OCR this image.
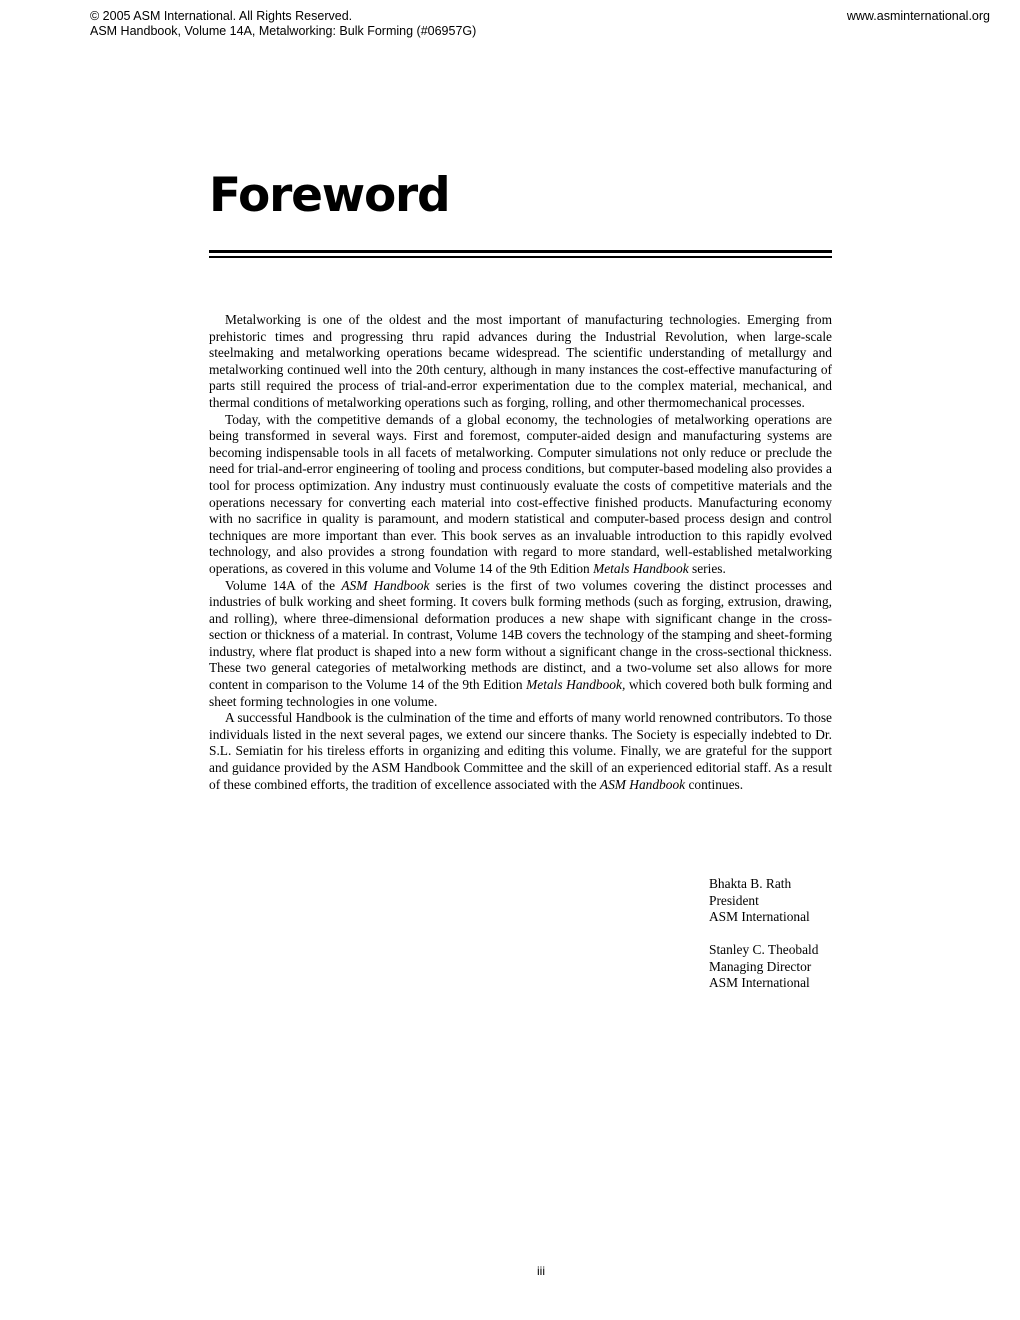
© 2005 ASM International. All Rights Reserved.
ASM Handbook, Volume 14A, Metalworking: Bulk Forming (#06957G)
www.asminternational.org
Foreword

Metalworking is one of the oldest and the most important of manufacturing technologies. Emerging from prehistoric times and progressing thru rapid advances during the Industrial Revolution, when large-scale steelmaking and metalworking operations became widespread. The scientific understanding of metallurgy and metalworking continued well into the 20th century, although in many instances the cost-effective manufacturing of parts still required the process of trial-and-error experimentation due to the complex material, mechanical, and thermal conditions of metalworking operations such as forging, rolling, and other thermomechanical processes.

Today, with the competitive demands of a global economy, the technologies of metalworking operations are being transformed in several ways. First and foremost, computer-aided design and manufacturing systems are becoming indispensable tools in all facets of metalworking. Computer simulations not only reduce or preclude the need for trial-and-error engineering of tooling and process conditions, but computer-based modeling also provides a tool for process optimization. Any industry must continuously evaluate the costs of competitive materials and the operations necessary for converting each material into cost-effective finished products. Manufacturing economy with no sacrifice in quality is paramount, and modern statistical and computer-based process design and control techniques are more important than ever. This book serves as an invaluable introduction to this rapidly evolved technology, and also provides a strong foundation with regard to more standard, well-established metalworking operations, as covered in this volume and Volume 14 of the 9th Edition Metals Handbook series.

Volume 14A of the ASM Handbook series is the first of two volumes covering the distinct processes and industries of bulk working and sheet forming. It covers bulk forming methods (such as forging, extrusion, drawing, and rolling), where three-dimensional deformation produces a new shape with significant change in the cross-section or thickness of a material. In contrast, Volume 14B covers the technology of the stamping and sheet-forming industry, where flat product is shaped into a new form without a significant change in the cross-sectional thickness. These two general categories of metalworking methods are distinct, and a two-volume set also allows for more content in comparison to the Volume 14 of the 9th Edition Metals Handbook, which covered both bulk forming and sheet forming technologies in one volume.

A successful Handbook is the culmination of the time and efforts of many world renowned contributors. To those individuals listed in the next several pages, we extend our sincere thanks. The Society is especially indebted to Dr. S.L. Semiatin for his tireless efforts in organizing and editing this volume. Finally, we are grateful for the support and guidance provided by the ASM Handbook Committee and the skill of an experienced editorial staff. As a result of these combined efforts, the tradition of excellence associated with the ASM Handbook continues.

Bhakta B. Rath
President
ASM International
Stanley C. Theobald
Managing Director
ASM International
iii
